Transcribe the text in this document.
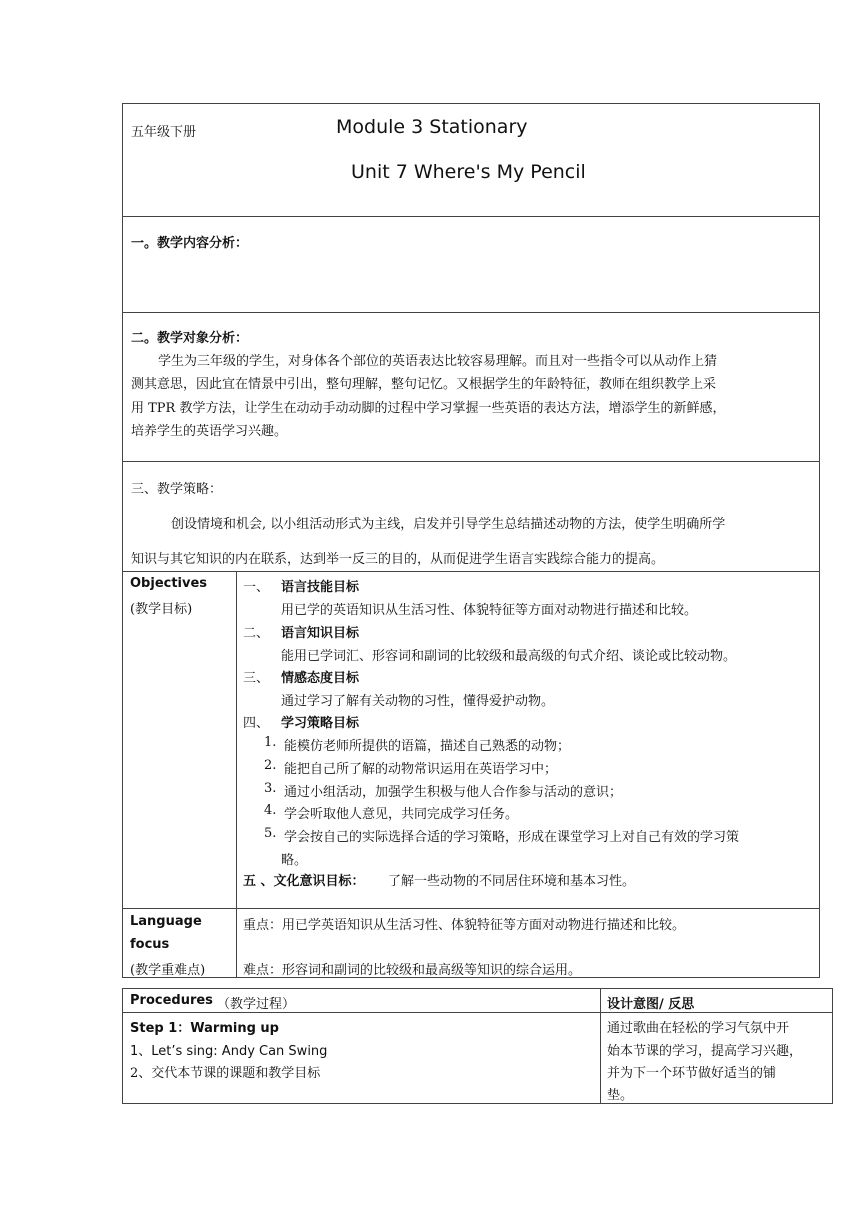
五年级下册	Module 3 Stationary
Unit 7 Where's My Pencil
一。教学内容分析：
二。教学对象分析：
学生为三年级的学生，对身体各个部位的英语表达比较容易理解。而且对一些指令可以从动作上猜
测其意思，因此宜在情景中引出，整句理解，整句记忆。又根据学生的年龄特征，教师在组织教学上采
用 TPR 教学方法，让学生在动动手动动脚的过程中学习掌握一些英语的表达方法，增添学生的新鲜感，
培养学生的英语学习兴趣。
三、教学策略：
创设情境和机会, 以小组活动形式为主线，启发并引导学生总结描述动物的方法，使学生明确所学
知识与其它知识的内在联系，达到举一反三的目的，从而促进学生语言实践综合能力的提高。
Objectives
(教学目标)
一、 语言技能目标
用已学的英语知识从生活习性、体貌特征等方面对动物进行描述和比较。
二、 语言知识目标
能用已学词汇、形容词和副词的比较级和最高级的句式介绍、谈论或比较动物。
三、 情感态度目标
通过学习了解有关动物的习性，懂得爱护动物。
四、 学习策略目标
1. 能模仿老师所提供的语篇，描述自己熟悉的动物；
2. 能把自己所了解的动物常识运用在英语学习中；
3. 通过小组活动，加强学生积极与他人合作参与活动的意识；
4. 学会听取他人意见，共同完成学习任务。
5. 学会按自己的实际选择合适的学习策略，形成在课堂学习上对自己有效的学习策
略。
五 、文化意识目标： 了解一些动物的不同居住环境和基本习性。
Language
focus
(教学重难点)
重点：用已学英语知识从生活习性、体貌特征等方面对动物进行描述和比较。
难点：形容词和副词的比较级和最高级等知识的综合运用。
Procedures （教学过程）	设计意图/ 反思
Step 1：Warming up
1、Let’s sing: Andy Can Swing
2、交代本节课的课题和教学目标
通过歌曲在轻松的学习气氛中开
始本节课的学习，提高学习兴趣，
并为下一个环节做好适当的铺
垫。
